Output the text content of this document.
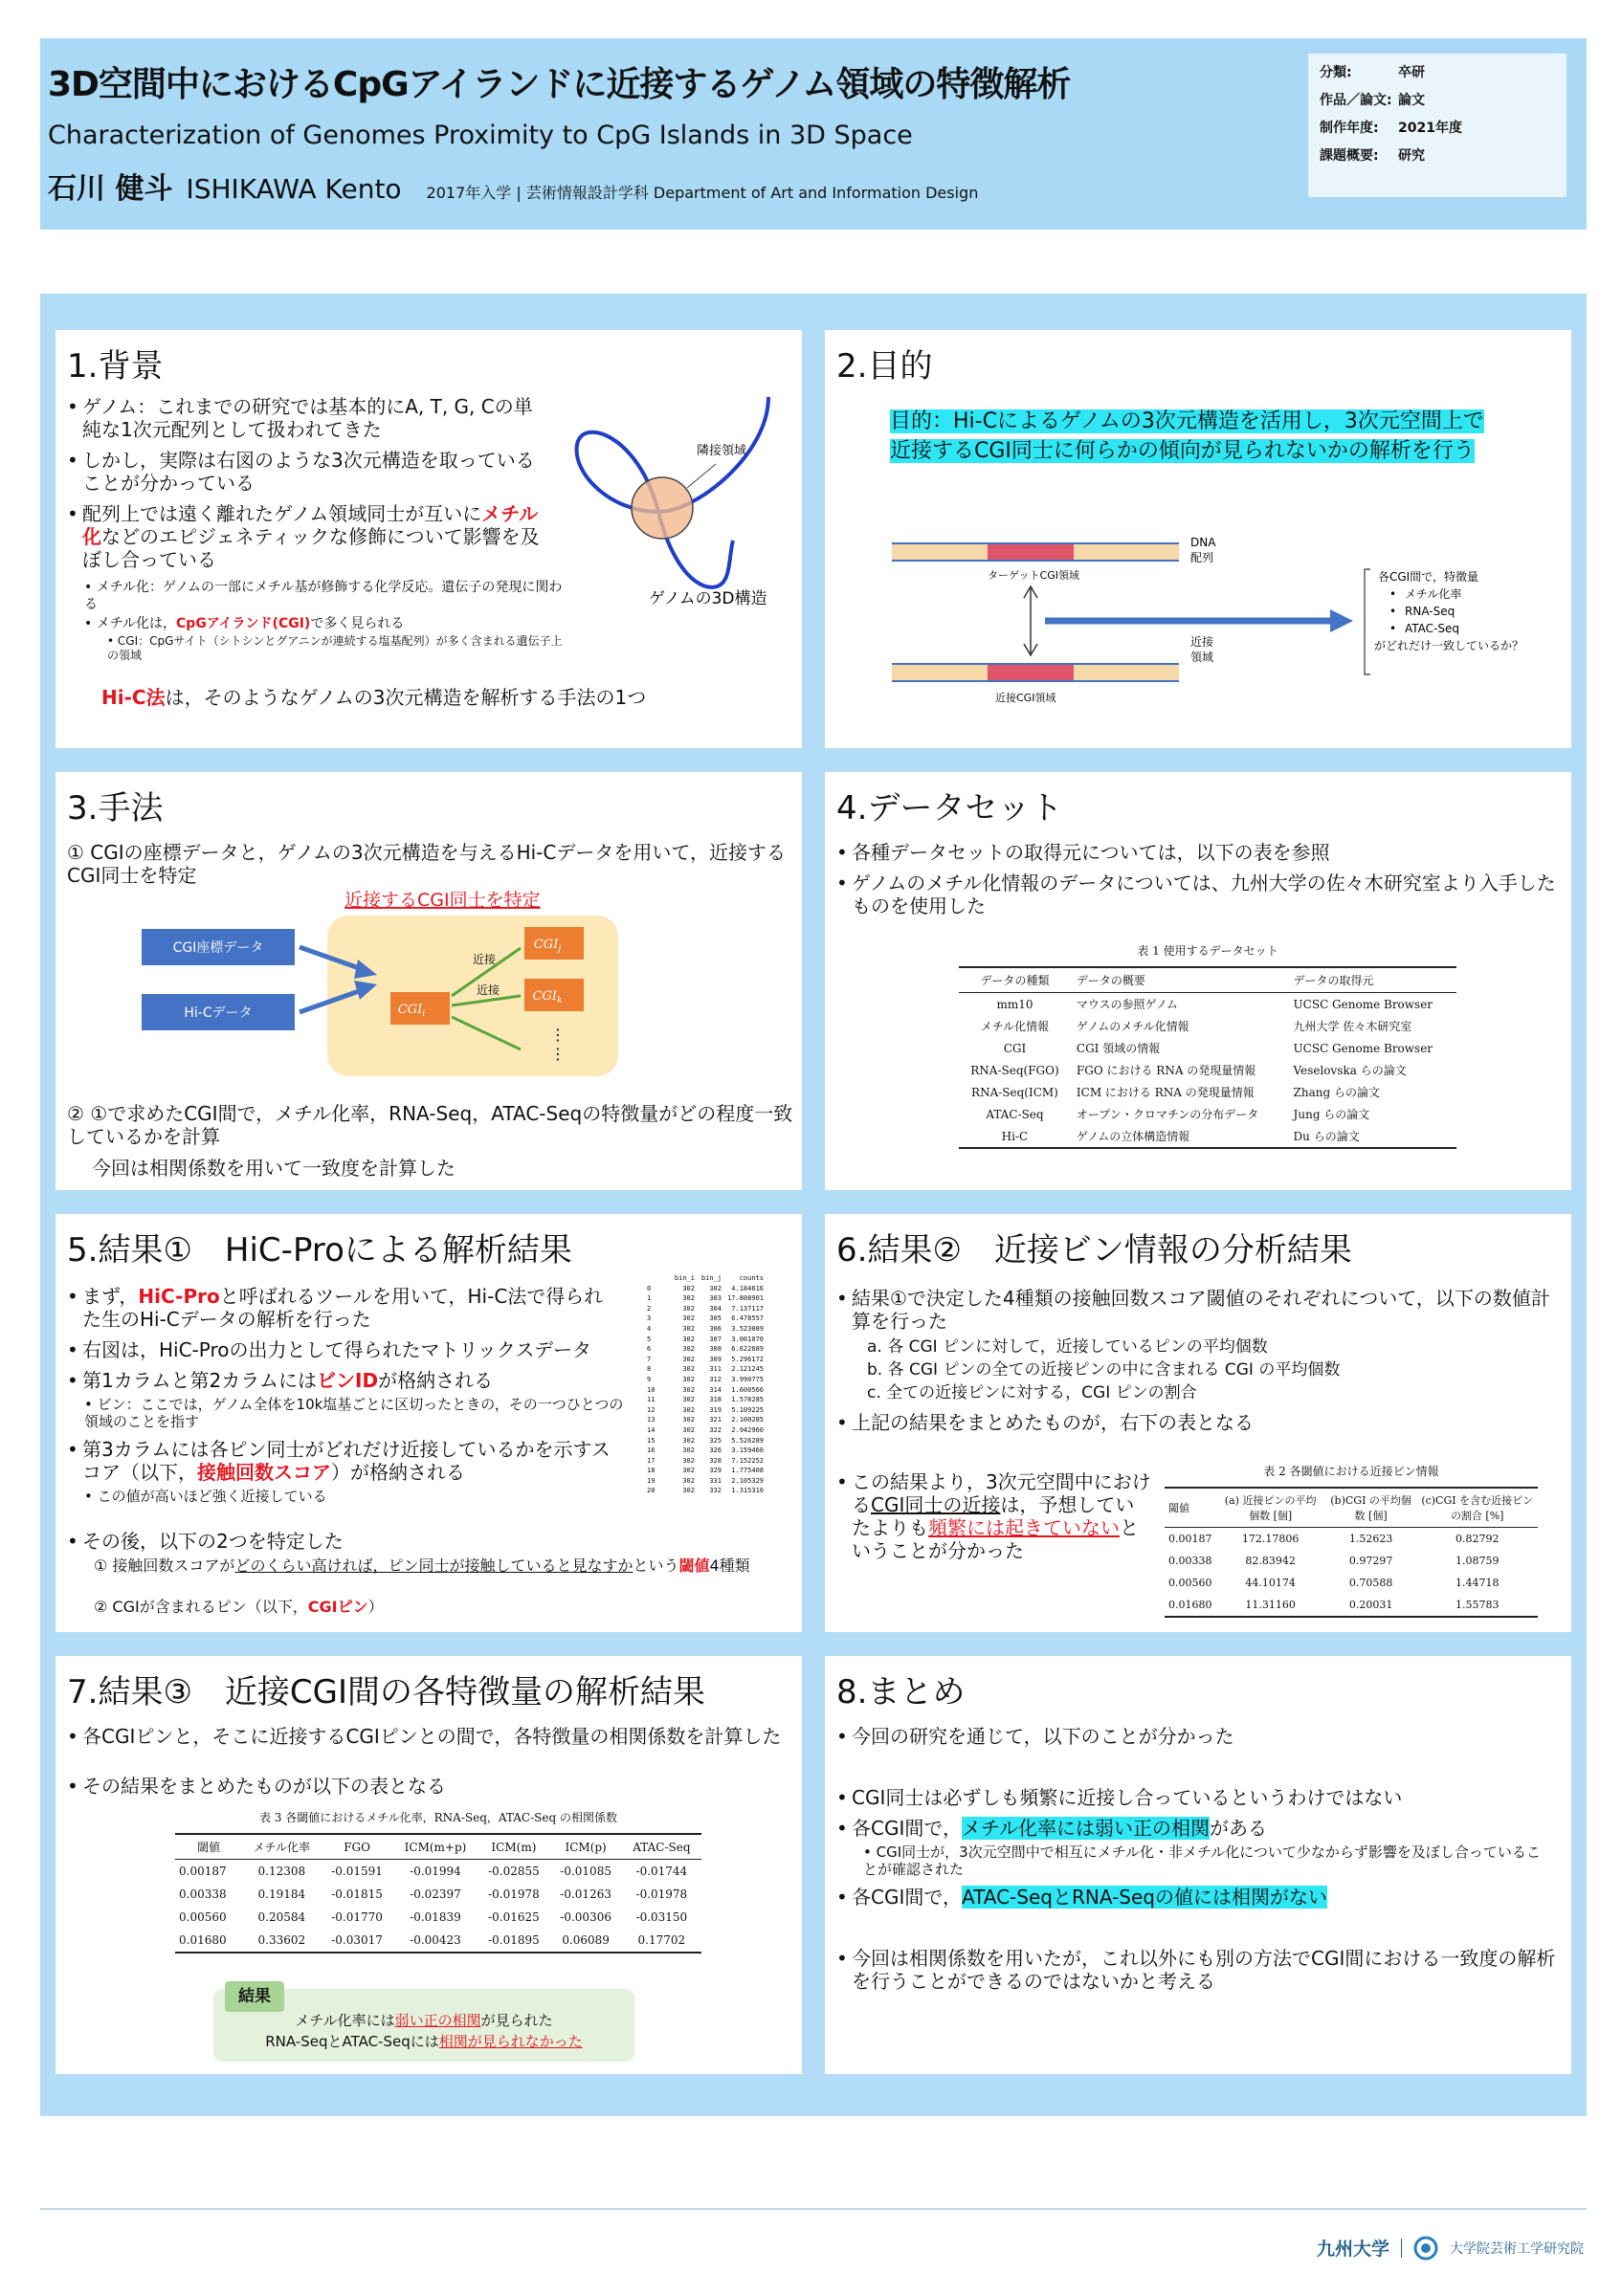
3D空間中におけるCpGアイランドに近接するゲノム領域の特徴解析
Characterization of Genomes Proximity to CpG Islands in 3D Space
石川 健斗 ISHIKAWA Kento 2017年入学 | 芸術情報設計学科 Department of Art and Information Design
分類:	卒研
作品／論文: 論文
制作年度: 2021年度
課題概要: 研究
1.背景
• ゲノム：これまでの研究では基本的にA, T, G, Cの単純な1次元配列として扱われてきた
• しかし，実際は右図のような3次元構造を取っていることが分かっている
• 配列上では遠く離れたゲノム領域同士が互いにメチル化などのエピジェネティックな修飾について影響を及ぼし合っている
• メチル化：ゲノムの一部にメチル基が修飾する化学反応。遺伝子の発現に関わる
• メチル化は，CpGアイランド(CGI)で多く見られる
• CGI：CpGサイト（シトシンとグアニンが連続する塩基配列）が多く含まれる遺伝子上の領域
Hi-C法は，そのようなゲノムの3次元構造を解析する手法の1つ
隣接領域
ゲノムの3D構造
2.目的
目的：Hi-Cによるゲノムの3次元構造を活用し，3次元空間上で近接するCGI同士に何らかの傾向が見られないかの解析を行う
DNA
配列
ターゲットCGI領域
近接CGI領域
近接
領域
各CGI間で，特徴量
• メチル化率
• RNA-Seq
• ATAC-Seq
がどれだけ一致しているか？
3.手法
① CGIの座標データと，ゲノムの3次元構造を与えるHi-Cデータを用いて，近接するCGI同士を特定
近接するCGI同士を特定
CGI座標データ
Hi-Cデータ	$CGI_i$
$CGI_j$
$CGI_k$
近接
近接
⋮
⋮
② ①で求めたCGI間で，メチル化率，RNA-Seq，ATAC-Seqの特徴量がどの程度一致しているかを計算
今回は相関係数を用いて一致度を計算した
4.データセット
• 各種データセットの取得元については，以下の表を参照
• ゲノムのメチル化情報のデータについては、九州大学の佐々木研究室より入手したものを使用した
表 1 使用するデータセット
データの種類	データの概要	データの取得元
mm10	マウスの参照ゲノム	UCSC Genome Browser
メチル化情報	ゲノムのメチル化情報	九州大学 佐々木研究室
CGI	CGI 領域の情報	UCSC Genome Browser
RNA-Seq(FGO)	FGO における RNA の発現量情報	Veselovska らの論文
RNA-Seq(ICM)	ICM における RNA の発現量情報	Zhang らの論文
ATAC-Seq	オープン・クロマチンの分布データ	Jung らの論文
Hi-C	ゲノムの立体構造情報	Du らの論文
5.結果①　HiC-Proによる解析結果
• まず，HiC-Proと呼ばれるツールを用いて，Hi-C法で得られた生のHi-Cデータの解析を行った
• 右図は，HiC-Proの出力として得られたマトリックスデータ
• 第1カラムと第2カラムにはビンIDが格納される
• ビン：ここでは，ゲノム全体を10k塩基ごとに区切ったときの，その一つひとつの領域のことを指す
• 第3カラムには各ピン同士がどれだけ近接しているかを示すスコア（以下，接触回数スコア）が格納される
• この値が高いほど強く近接している
• その後，以下の2つを特定した
① 接触回数スコアがどのくらい高ければ，ピン同士が接触していると見なすかという閾値4種類
② CGIが含まれるピン（以下，CGIピン）
	bin_i	bin_j	counts
0	302	302	4.184616
1	302	303	17.808901
2	302	304	7.137117
3	302	305	6.478557
4	302	306	3.523089
5	302	307	3.001070
6	302	308	6.622689
7	302	309	5.296172
8	302	311	2.121245
9	302	312	3.990775
10	302	314	1.600566
11	302	318	1.578285
12	302	319	5.109225
13	302	321	2.100285
14	302	322	2.942960
15	302	325	5.526289
16	302	326	3.159460
17	302	328	7.152252
18	302	329	1.775408
19	302	331	2.105329
20	302	332	1.315310
6.結果②　近接ビン情報の分析結果
• 結果①で決定した4種類の接触回数スコア閾値のそれぞれについて，以下の数値計算を行った
a. 各 CGI ピンに対して，近接しているピンの平均個数
b. 各 CGI ピンの全ての近接ピンの中に含まれる CGI の平均個数
c. 全ての近接ピンに対する，CGI ピンの割合
• 上記の結果をまとめたものが，右下の表となる
• この結果より，3次元空間中におけるCGI同士の近接は，予想していたよりも頻繁には起きていないということが分かった
表 2 各閾値における近接ピン情報
閾値	(a) 近接ピンの平均個数 [個]	(b)CGI の平均個数 [個]	(c)CGI を含む近接ピンの割合 [%]
0.00187	172.17806	1.52623	0.82792
0.00338	82.83942	0.97297	1.08759
0.00560	44.10174	0.70588	1.44718
0.01680	11.31160	0.20031	1.55783
7.結果③　近接CGI間の各特徴量の解析結果
• 各CGIピンと，そこに近接するCGIピンとの間で，各特徴量の相関係数を計算した
• その結果をまとめたものが以下の表となる
表 3 各閾値におけるメチル化率，RNA-Seq，ATAC-Seq の相関係数
閾値	メチル化率	FGO	ICM(m+p)	ICM(m)	ICM(p)	ATAC-Seq
0.00187	0.12308	-0.01591	-0.01994	-0.02855	-0.01085	-0.01744
0.00338	0.19184	-0.01815	-0.02397	-0.01978	-0.01263	-0.01978
0.00560	0.20584	-0.01770	-0.01839	-0.01625	-0.00306	-0.03150
0.01680	0.33602	-0.03017	-0.00423	-0.01895	0.06089	0.17702
結果
メチル化率には弱い正の相関が見られた
RNA-SeqとATAC-Seqには相関が見られなかった
8.まとめ
• 今回の研究を通じて，以下のことが分かった
• CGI同士は必ずしも頻繁に近接し合っているというわけではない
• 各CGI間で，メチル化率には弱い正の相関がある
• CGI同士が，3次元空間中で相互にメチル化・非メチル化について少なからず影響を及ぼし合っていることが確認された
• 各CGI間で，ATAC-SeqとRNA-Seqの値には相関がない
• 今回は相関係数を用いたが，これ以外にも別の方法でCGI間における一致度の解析を行うことができるのではないかと考える
九州大学	大学院芸術工学研究院
